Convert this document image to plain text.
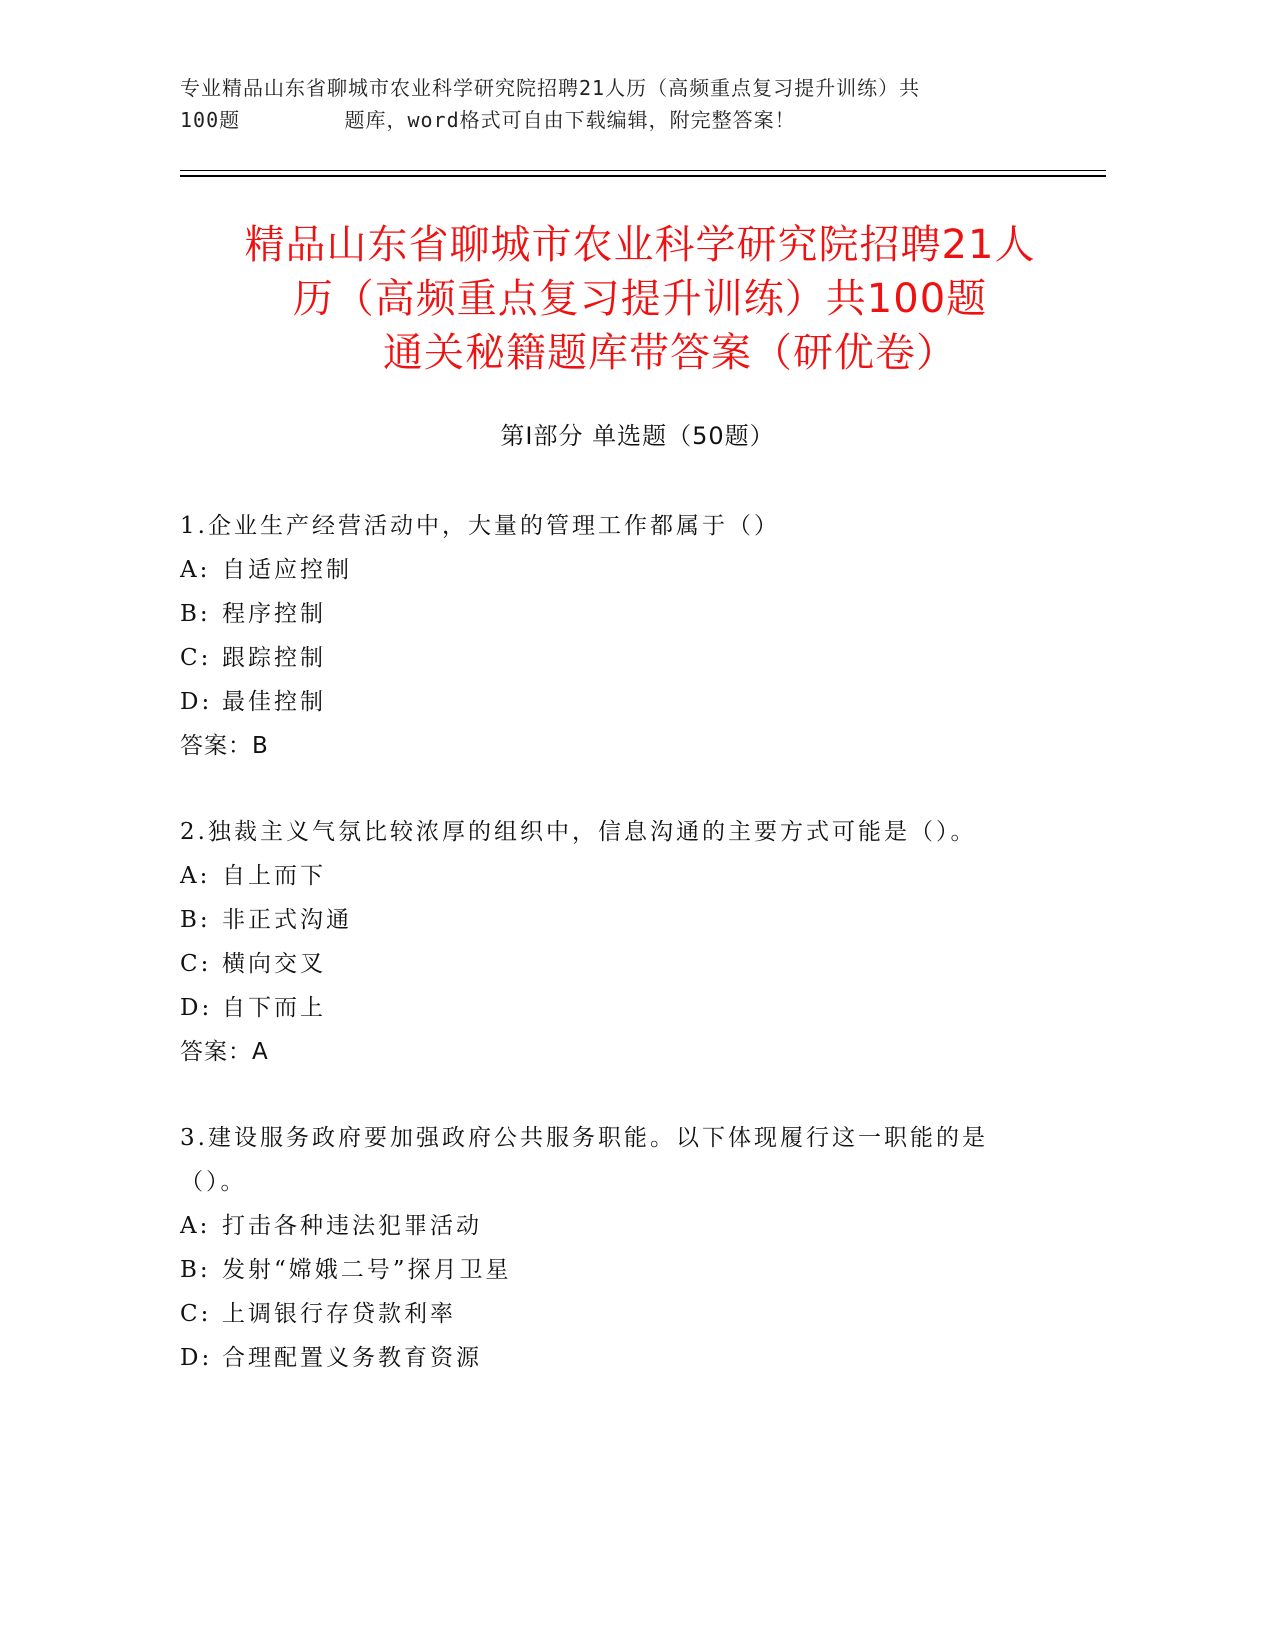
专业精品山东省聊城市农业科学研究院招聘21人历（高频重点复习提升训练）共
100题        题库，word格式可自由下载编辑，附完整答案！
精品山东省聊城市农业科学研究院招聘21人
历（高频重点复习提升训练）共100题
通关秘籍题库带答案（研优卷）
第Ⅰ部分 单选题（50题）
1.企业生产经营活动中，大量的管理工作都属于（）
A: 自适应控制
B: 程序控制
C: 跟踪控制
D: 最佳控制
答案：B
2.独裁主义气氛比较浓厚的组织中，信息沟通的主要方式可能是（）。
A: 自上而下
B: 非正式沟通
C: 横向交叉
D: 自下而上
答案：A
3.建设服务政府要加强政府公共服务职能。以下体现履行这一职能的是（）。
A: 打击各种违法犯罪活动
B: 发射“嫦娥二号”探月卫星
C: 上调银行存贷款利率
D: 合理配置义务教育资源
